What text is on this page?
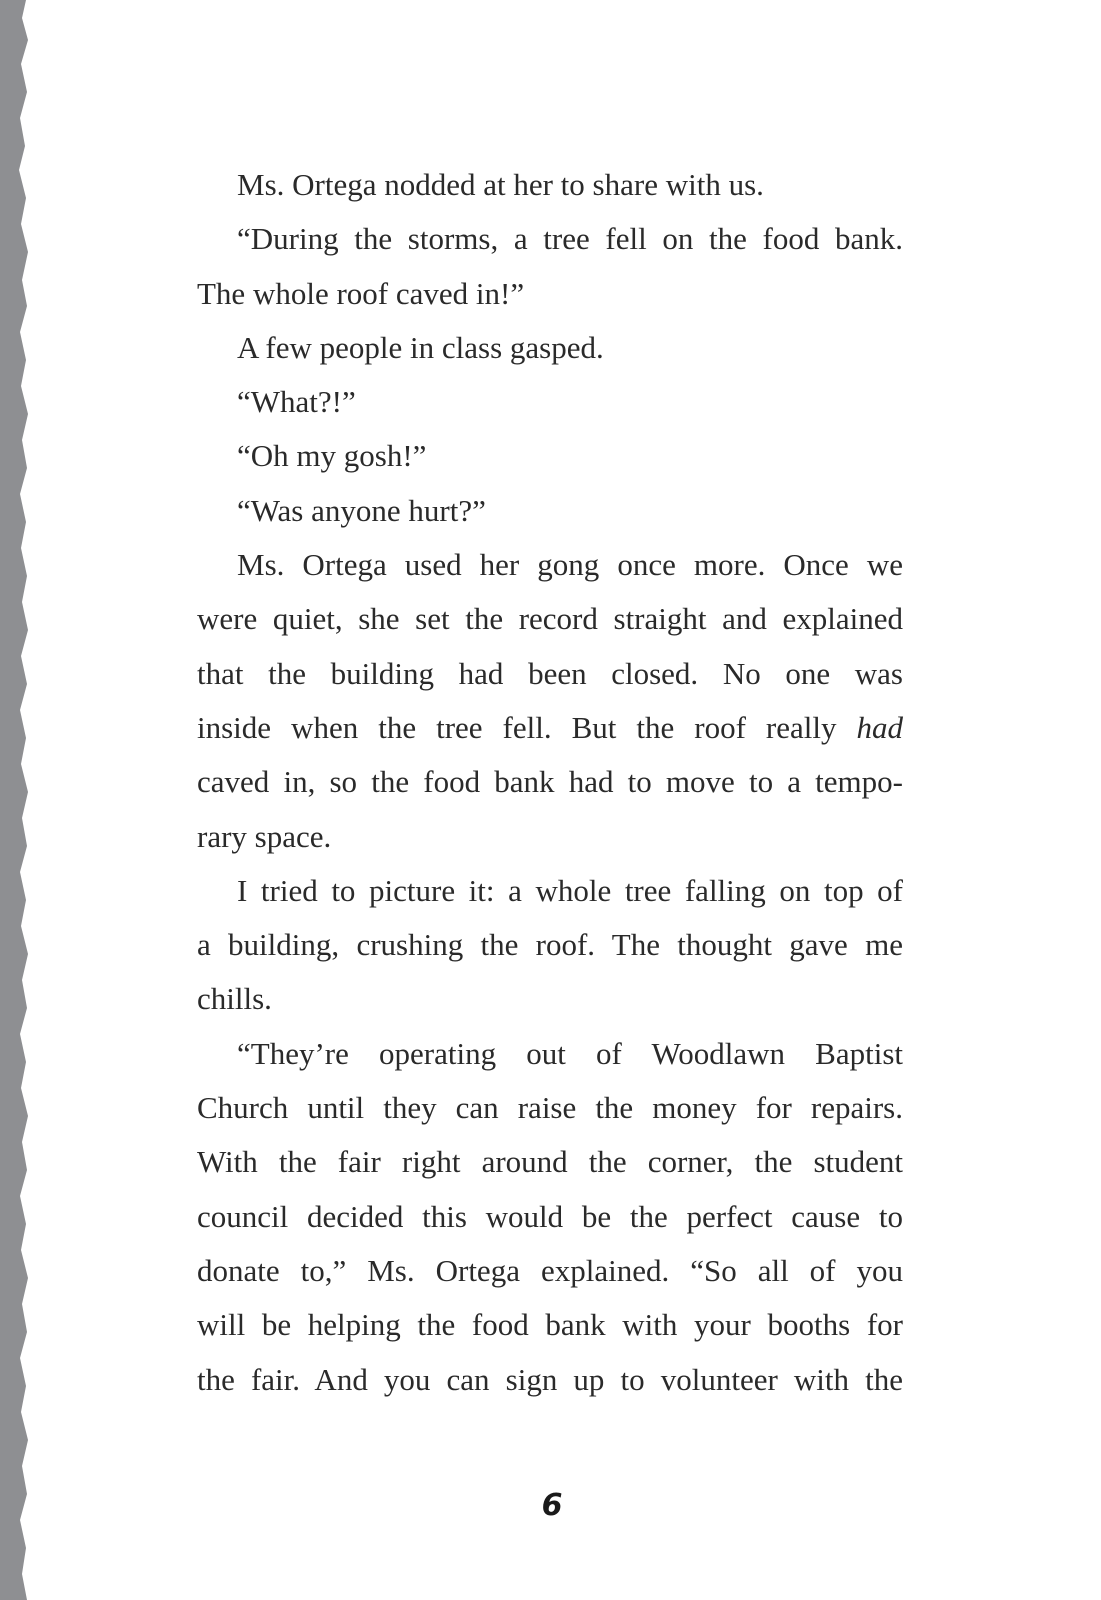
Ms. Ortega nodded at her to share with us.

“During the storms, a tree fell on the food bank.
The whole roof caved in!”

A few people in class gasped.

“What?!”

“Oh my gosh!”

“Was anyone hurt?”

Ms. Ortega used her gong once more. Once we
were quiet, she set the record straight and explained
that the building had been closed. No one was
inside when the tree fell. But the roof really had
caved in, so the food bank had to move to a tempo-
rary space.

I tried to picture it: a whole tree falling on top of
a building, crushing the roof. The thought gave me
chills.

“They’re operating out of Woodlawn Baptist
Church until they can raise the money for repairs.
With the fair right around the corner, the student
council decided this would be the perfect cause to
donate to,” Ms. Ortega explained. “So all of you
will be helping the food bank with your booths for
the fair. And you can sign up to volunteer with the

6
